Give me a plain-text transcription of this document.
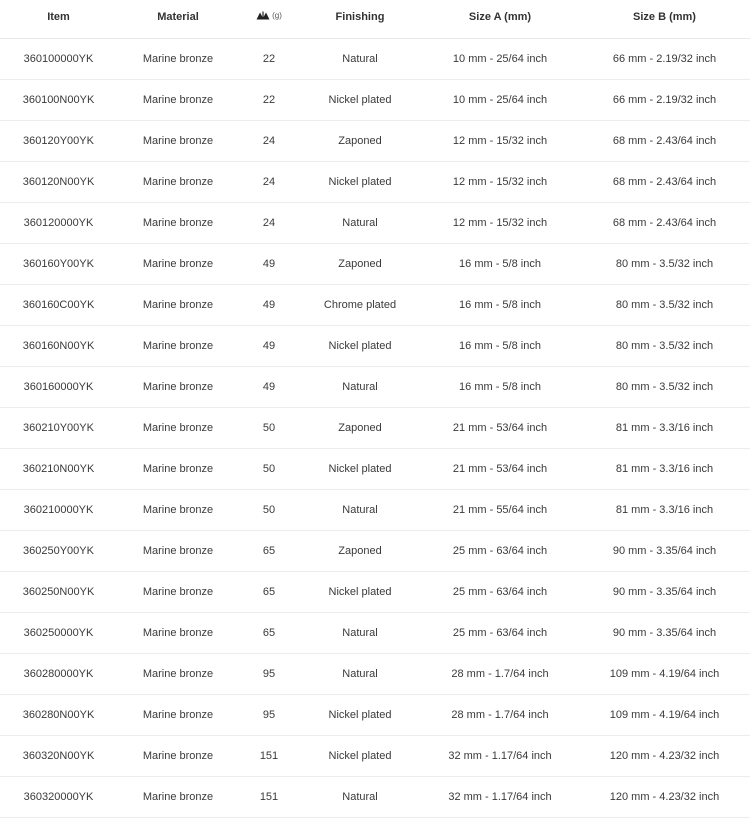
Item	Material	(g)	Finishing	Size A (mm)	Size B (mm)
360100000YK	Marine bronze	22	Natural	10 mm - 25/64 inch	66 mm - 2.19/32 inch
360100N00YK	Marine bronze	22	Nickel plated	10 mm - 25/64 inch	66 mm - 2.19/32 inch
360120Y00YK	Marine bronze	24	Zaponed	12 mm - 15/32 inch	68 mm - 2.43/64 inch
360120N00YK	Marine bronze	24	Nickel plated	12 mm - 15/32 inch	68 mm - 2.43/64 inch
360120000YK	Marine bronze	24	Natural	12 mm - 15/32 inch	68 mm - 2.43/64 inch
360160Y00YK	Marine bronze	49	Zaponed	16 mm - 5/8 inch	80 mm - 3.5/32 inch
360160C00YK	Marine bronze	49	Chrome plated	16 mm - 5/8 inch	80 mm - 3.5/32 inch
360160N00YK	Marine bronze	49	Nickel plated	16 mm - 5/8 inch	80 mm - 3.5/32 inch
360160000YK	Marine bronze	49	Natural	16 mm - 5/8 inch	80 mm - 3.5/32 inch
360210Y00YK	Marine bronze	50	Zaponed	21 mm - 53/64 inch	81 mm - 3.3/16 inch
360210N00YK	Marine bronze	50	Nickel plated	21 mm - 53/64 inch	81 mm - 3.3/16 inch
360210000YK	Marine bronze	50	Natural	21 mm - 55/64 inch	81 mm - 3.3/16 inch
360250Y00YK	Marine bronze	65	Zaponed	25 mm - 63/64 inch	90 mm - 3.35/64 inch
360250N00YK	Marine bronze	65	Nickel plated	25 mm - 63/64 inch	90 mm - 3.35/64 inch
360250000YK	Marine bronze	65	Natural	25 mm - 63/64 inch	90 mm - 3.35/64 inch
360280000YK	Marine bronze	95	Natural	28 mm - 1.7/64 inch	109 mm - 4.19/64 inch
360280N00YK	Marine bronze	95	Nickel plated	28 mm - 1.7/64 inch	109 mm - 4.19/64 inch
360320N00YK	Marine bronze	151	Nickel plated	32 mm - 1.17/64 inch	120 mm - 4.23/32 inch
360320000YK	Marine bronze	151	Natural	32 mm - 1.17/64 inch	120 mm - 4.23/32 inch
